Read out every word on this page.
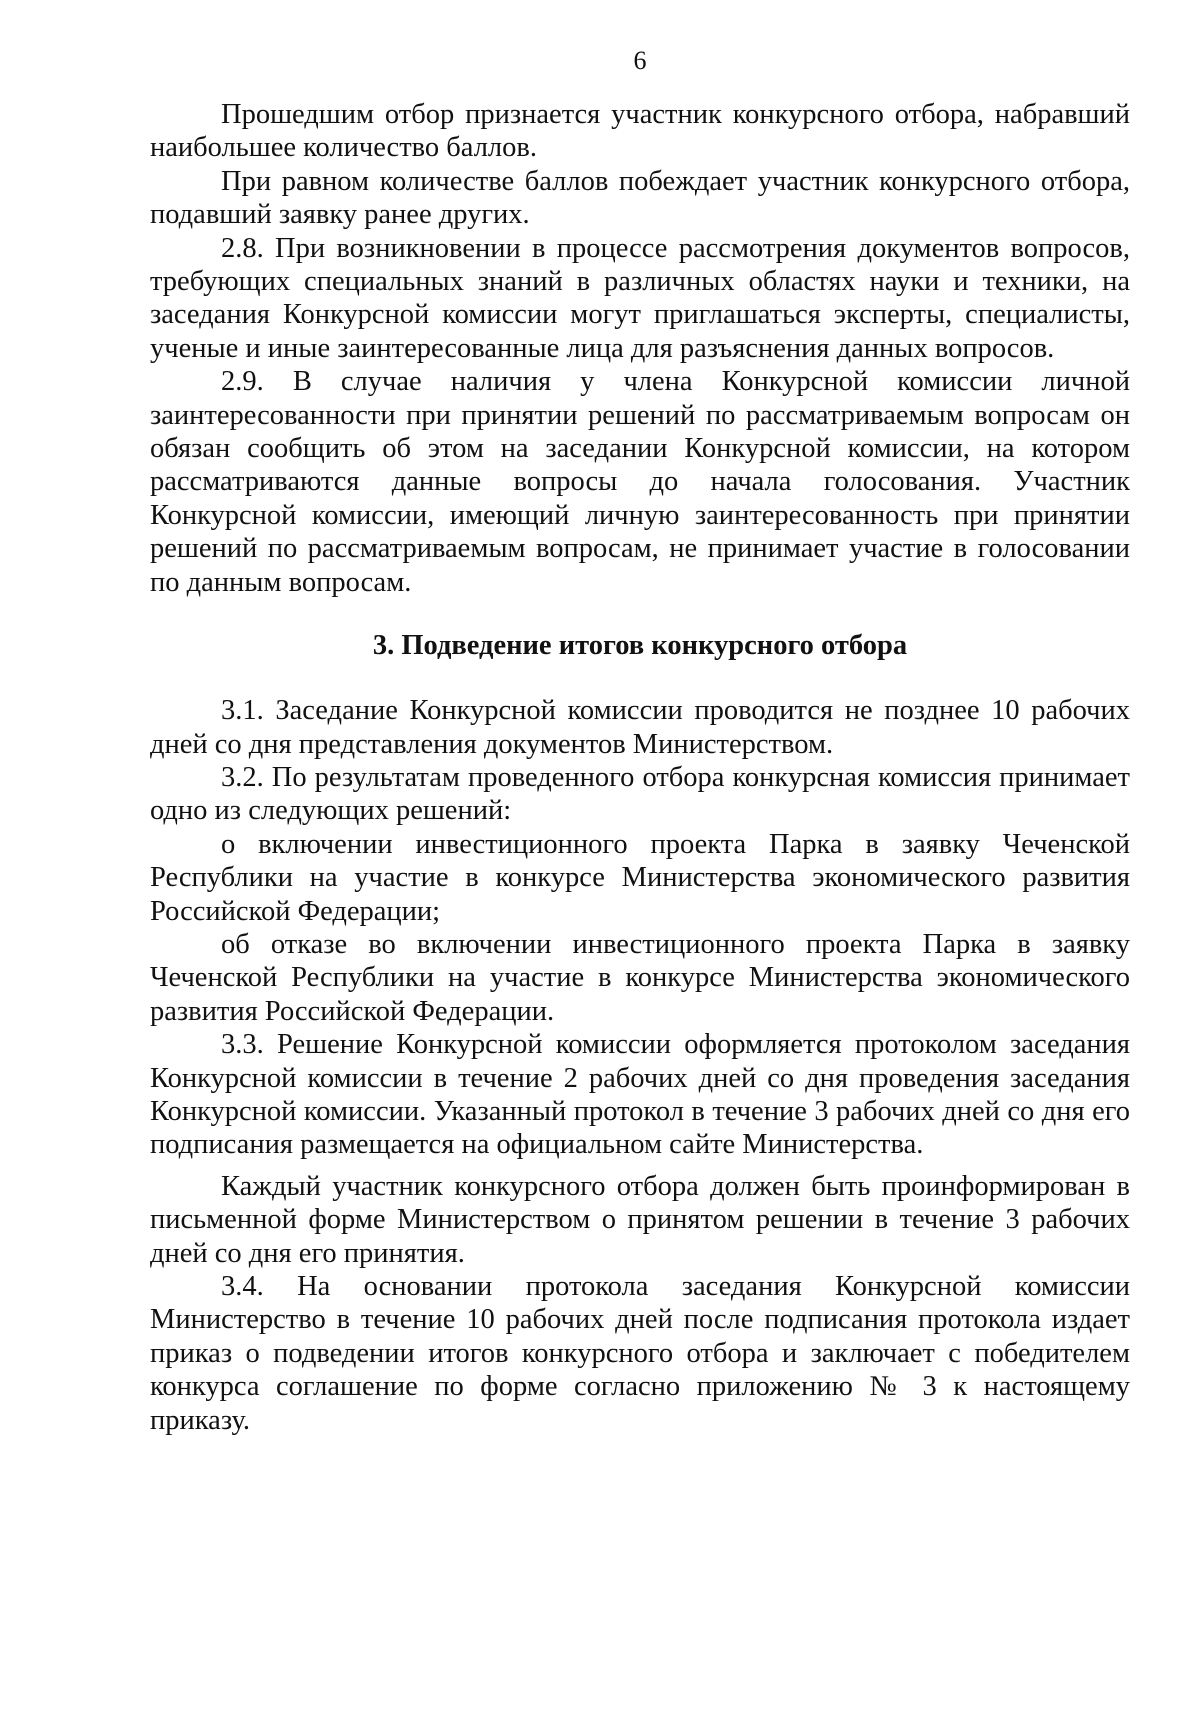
6

Прошедшим отбор признается участник конкурсного отбора, набравший наибольшее количество баллов.

При равном количестве баллов побеждает участник конкурсного отбора, подавший заявку ранее других.

2.8. При возникновении в процессе рассмотрения документов вопросов, требующих специальных знаний в различных областях науки и техники, на заседания Конкурсной комиссии могут приглашаться эксперты, специалисты, ученые и иные заинтересованные лица для разъяснения данных вопросов.

2.9. В случае наличия у члена Конкурсной комиссии личной заинтересованности при принятии решений по рассматриваемым вопросам он обязан сообщить об этом на заседании Конкурсной комиссии, на котором рассматриваются данные вопросы до начала голосования. Участник Конкурсной комиссии, имеющий личную заинтересованность при принятии решений по рассматриваемым вопросам, не принимает участие в голосовании по данным вопросам.

3. Подведение итогов конкурсного отбора

3.1. Заседание Конкурсной комиссии проводится не позднее 10 рабочих дней со дня представления документов Министерством.

3.2. По результатам проведенного отбора конкурсная комиссия принимает одно из следующих решений:

о включении инвестиционного проекта Парка в заявку Чеченской Республики на участие в конкурсе Министерства экономического развития Российской Федерации;

об отказе во включении инвестиционного проекта Парка в заявку Чеченской Республики на участие в конкурсе Министерства экономического развития Российской Федерации.

3.3. Решение Конкурсной комиссии оформляется протоколом заседания Конкурсной комиссии в течение 2 рабочих дней со дня проведения заседания Конкурсной комиссии. Указанный протокол в течение 3 рабочих дней со дня его подписания размещается на официальном сайте Министерства.

Каждый участник конкурсного отбора должен быть проинформирован в письменной форме Министерством о принятом решении в течение 3 рабочих дней со дня его принятия.

3.4. На основании протокола заседания Конкурсной комиссии Министерство в течение 10 рабочих дней после подписания протокола издает приказ о подведении итогов конкурсного отбора и заключает с победителем конкурса соглашение по форме согласно приложению № 3 к настоящему приказу.
